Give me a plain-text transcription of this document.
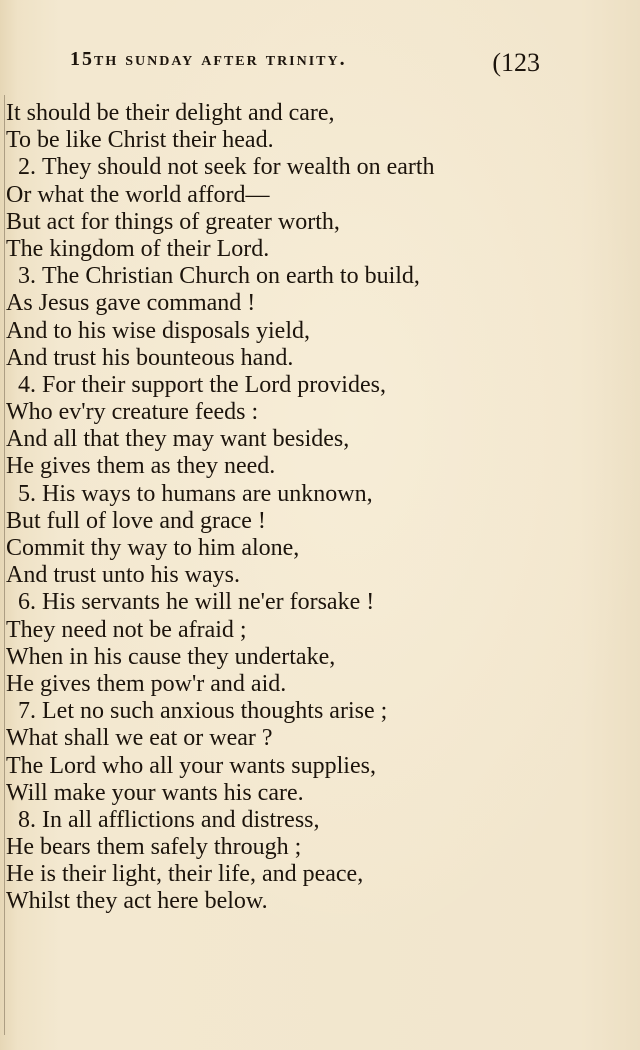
15th sunday after trinity.	(123
It should be their delight and care,
To be like Christ their head.
2. They should not seek for wealth on earth
Or what the world afford—
But act for things of greater worth,
The kingdom of their Lord.
3. The Christian Church on earth to build,
As Jesus gave command !
And to his wise disposals yield,
And trust his bounteous hand.
4. For their support the Lord provides,
Who ev'ry creature feeds :
And all that they may want besides,
He gives them as they need.
5. His ways to humans are unknown,
But full of love and grace !
Commit thy way to him alone,
And trust unto his ways.
6. His servants he will ne'er forsake !
They need not be afraid ;
When in his cause they undertake,
He gives them pow'r and aid.
7. Let no such anxious thoughts arise ;
What shall we eat or wear ?
The Lord who all your wants supplies,
Will make your wants his care.
8. In all afflictions and distress,
He bears them safely through ;
He is their light, their life, and peace,
Whilst they act here below.
